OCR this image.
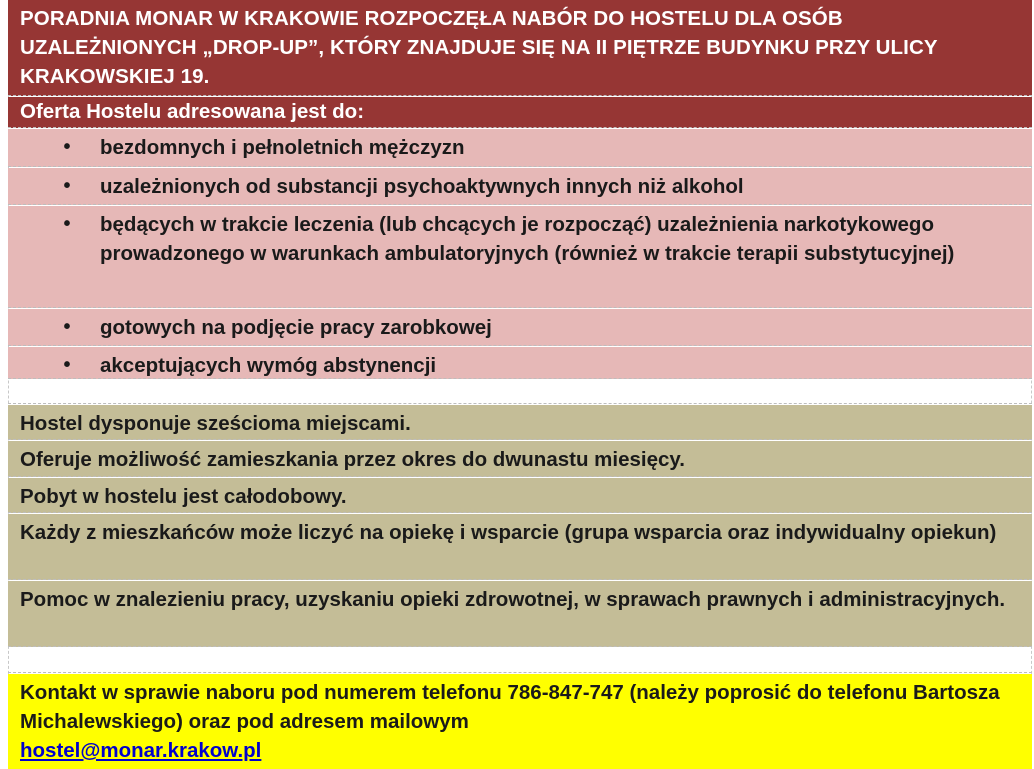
PORADNIA MONAR W KRAKOWIE ROZPOCZĘŁA NABÓR DO HOSTELU DLA OSÓB UZALEŻNIONYCH „DROP-UP”, KTÓRY ZNAJDUJE SIĘ NA II PIĘTRZE BUDYNKU PRZY ULICY KRAKOWSKIEJ 19.
Oferta Hostelu adresowana jest do:
• bezdomnych i pełnoletnich mężczyzn
• uzależnionych od substancji psychoaktywnych innych niż alkohol
• będących w trakcie leczenia (lub chcących je rozpocząć) uzależnienia narkotykowego prowadzonego w warunkach ambulatoryjnych (również w trakcie terapii substytucyjnej)
• gotowych na podjęcie pracy zarobkowej
• akceptujących wymóg abstynencji
Hostel dysponuje sześcioma miejscami.
Oferuje możliwość zamieszkania przez okres do dwunastu miesięcy.
Pobyt w hostelu jest całodobowy.
Każdy z mieszkańców może liczyć na opiekę i wsparcie (grupa wsparcia oraz indywidualny opiekun)
Pomoc w znalezieniu pracy, uzyskaniu opieki zdrowotnej, w sprawach prawnych i administracyjnych.
Kontakt w sprawie naboru pod numerem telefonu 786-847-747 (należy poprosić do telefonu Bartosza Michalewskiego) oraz pod adresem mailowym
hostel@monar.krakow.pl
